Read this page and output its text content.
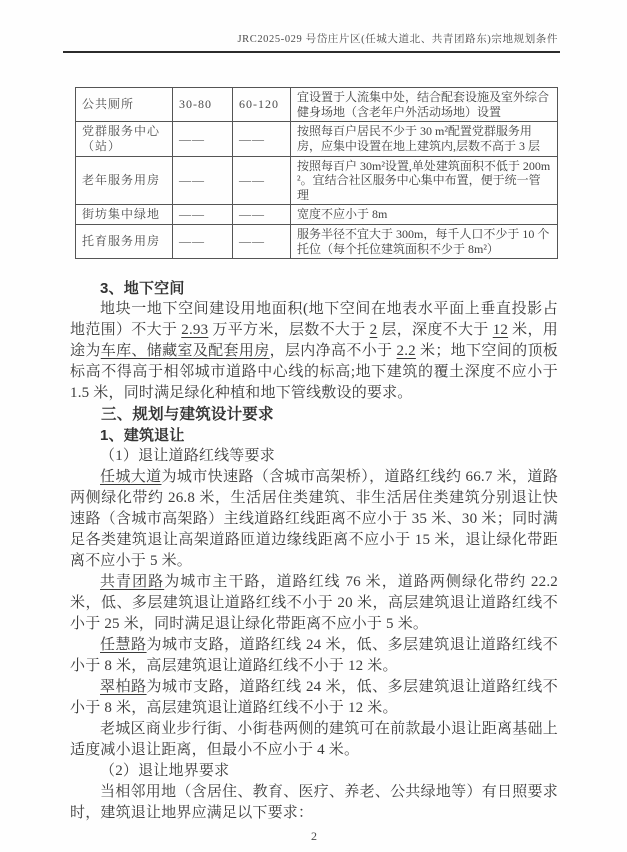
JRC2025-029 号岱庄片区(任城大道北、共青团路东)宗地规划条件
公共厕所	30-80	60-120	宜设置于人流集中处，结合配套设施及室外综合健身场地（含老年户外活动场地）设置
党群服务中心（站）	——	——	按照每百户居民不少于 30 m²配置党群服务用房，应集中设置在地上建筑内,层数不高于 3 层
老年服务用房	——	——	按照每百户 30m²设置,单处建筑面积不低于 200m²。宜结合社区服务中心集中布置，便于统一管理
街坊集中绿地	——	——	宽度不应小于 8m
托育服务用房	——	——	服务半径不宜大于 300m，每千人口不少于 10 个托位（每个托位建筑面积不少于 8m²）

3、地下空间

地块一地下空间建设用地面积(地下空间在地表水平面上垂直投影占地范围）不大于 2.93 万平方米，层数不大于 2 层，深度不大于 12 米，用途为车库、储藏室及配套用房，层内净高不小于 2.2 米；地下空间的顶板标高不得高于相邻城市道路中心线的标高;地下建筑的覆土深度不应小于 1.5 米，同时满足绿化种植和地下管线敷设的要求。

三、规划与建筑设计要求

1、建筑退让

（1）退让道路红线等要求

任城大道为城市快速路（含城市高架桥），道路红线约 66.7 米，道路两侧绿化带约 26.8 米，生活居住类建筑、非生活居住类建筑分别退让快速路（含城市高架路）主线道路红线距离不应小于 35 米、30 米；同时满足各类建筑退让高架道路匝道边缘线距离不应小于 15 米，退让绿化带距离不应小于 5 米。

共青团路为城市主干路，道路红线 76 米，道路两侧绿化带约 22.2 米，低、多层建筑退让道路红线不小于 20 米，高层建筑退让道路红线不小于 25 米，同时满足退让绿化带距离不应小于 5 米。

任慧路为城市支路，道路红线 24 米，低、多层建筑退让道路红线不小于 8 米，高层建筑退让道路红线不小于 12 米。

翠柏路为城市支路，道路红线 24 米，低、多层建筑退让道路红线不小于 8 米，高层建筑退让道路红线不小于 12 米。

老城区商业步行街、小街巷两侧的建筑可在前款最小退让距离基础上适度减小退让距离，但最小不应小于 4 米。

（2）退让地界要求

当相邻用地（含居住、教育、医疗、养老、公共绿地等）有日照要求时，建筑退让地界应满足以下要求：

2
